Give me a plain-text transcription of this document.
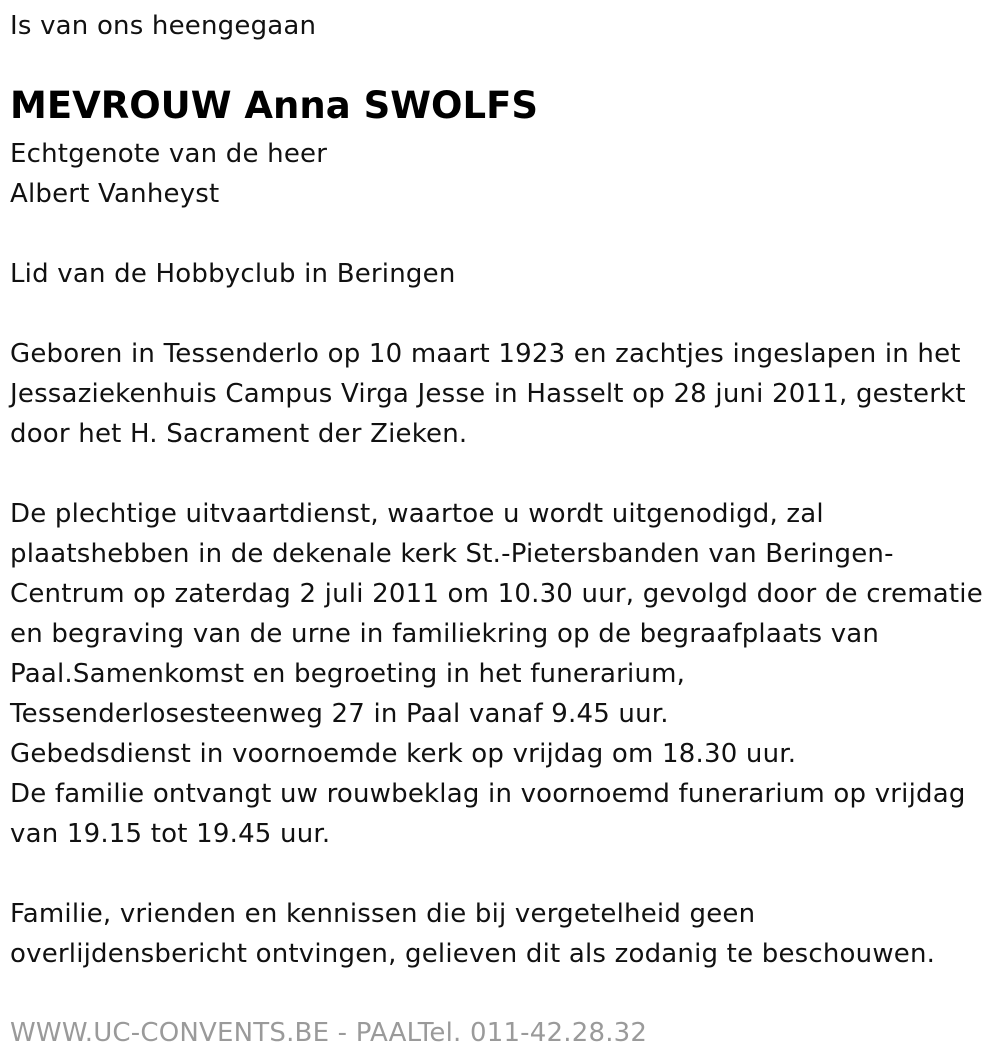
Is van ons heengegaan
MEVROUW Anna SWOLFS
Echtgenote van de heer
Albert Vanheyst
Lid van de Hobbyclub in Beringen
Geboren in Tessenderlo op 10 maart 1923 en zachtjes ingeslapen in het
Jessaziekenhuis Campus Virga Jesse in Hasselt op 28 juni 2011, gesterkt
door het H. Sacrament der Zieken.
De plechtige uitvaartdienst, waartoe u wordt uitgenodigd, zal
plaatshebben in de dekenale kerk St.-Pietersbanden van Beringen-
Centrum op zaterdag 2 juli 2011 om 10.30 uur, gevolgd door de crematie
en begraving van de urne in familiekring op de begraafplaats van
Paal.Samenkomst en begroeting in het funerarium,
Tessenderlosesteenweg 27 in Paal vanaf 9.45 uur.
Gebedsdienst in voornoemde kerk op vrijdag om 18.30 uur.
De familie ontvangt uw rouwbeklag in voornoemd funerarium op vrijdag
van 19.15 tot 19.45 uur.
Familie, vrienden en kennissen die bij vergetelheid geen
overlijdensbericht ontvingen, gelieven dit als zodanig te beschouwen.
WWW.UC-CONVENTS.BE - PAALTel. 011-42.28.32
